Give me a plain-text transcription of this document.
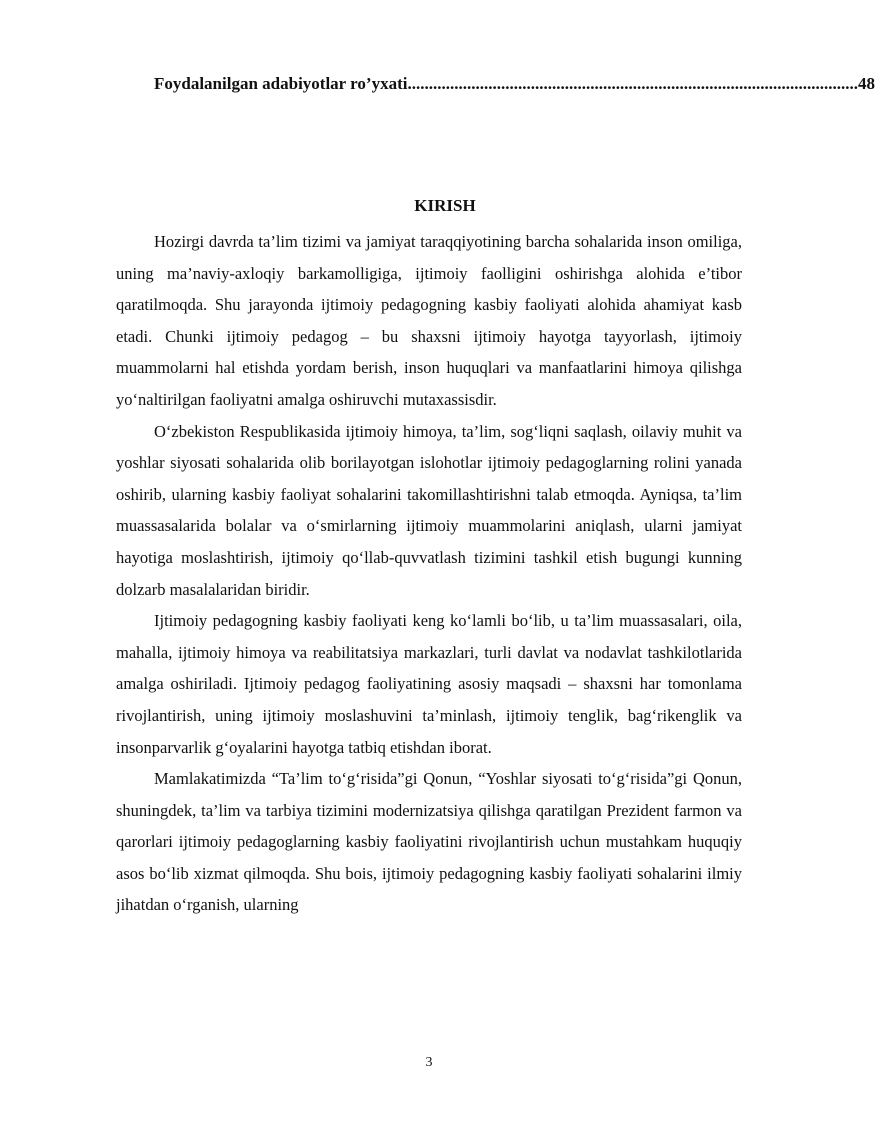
Foydalanilgan adabiyotlar ro’yxati .......................................................................................................... 48
KIRISH

Hozirgi davrda ta’lim tizimi va jamiyat taraqqiyotining barcha sohalarida inson omiliga, uning ma’naviy-axloqiy barkamolligiga, ijtimoiy faolligini oshirishga alohida e’tibor qaratilmoqda. Shu jarayonda ijtimoiy pedagogning kasbiy faoliyati alohida ahamiyat kasb etadi. Chunki ijtimoiy pedagog – bu shaxsni ijtimoiy hayotga tayyorlash, ijtimoiy muammolarni hal etishda yordam berish, inson huquqlari va manfaatlarini himoya qilishga yo‘naltirilgan faoliyatni amalga oshiruvchi mutaxassisdir.

O‘zbekiston Respublikasida ijtimoiy himoya, ta’lim, sog‘liqni saqlash, oilaviy muhit va yoshlar siyosati sohalarida olib borilayotgan islohotlar ijtimoiy pedagoglarning rolini yanada oshirib, ularning kasbiy faoliyat sohalarini takomillashtirishni talab etmoqda. Ayniqsa, ta’lim muassasalarida bolalar va o‘smirlarning ijtimoiy muammolarini aniqlash, ularni jamiyat hayotiga moslashtirish, ijtimoiy qo‘llab-quvvatlash tizimini tashkil etish bugungi kunning dolzarb masalalaridan biridir.

Ijtimoiy pedagogning kasbiy faoliyati keng ko‘lamli bo‘lib, u ta’lim muassasalari, oila, mahalla, ijtimoiy himoya va reabilitatsiya markazlari, turli davlat va nodavlat tashkilotlarida amalga oshiriladi. Ijtimoiy pedagog faoliyatining asosiy maqsadi – shaxsni har tomonlama rivojlantirish, uning ijtimoiy moslashuvini ta’minlash, ijtimoiy tenglik, bag‘rikenglik va insonparvarlik g‘oyalarini hayotga tatbiq etishdan iborat.

Mamlakatimizda “Ta’lim to‘g‘risida”gi Qonun, “Yoshlar siyosati to‘g‘risida”gi Qonun, shuningdek, ta’lim va tarbiya tizimini modernizatsiya qilishga qaratilgan Prezident farmon va qarorlari ijtimoiy pedagoglarning kasbiy faoliyatini rivojlantirish uchun mustahkam huquqiy asos bo‘lib xizmat qilmoqda. Shu bois, ijtimoiy pedagogning kasbiy faoliyati sohalarini ilmiy jihatdan o‘rganish, ularning

3
